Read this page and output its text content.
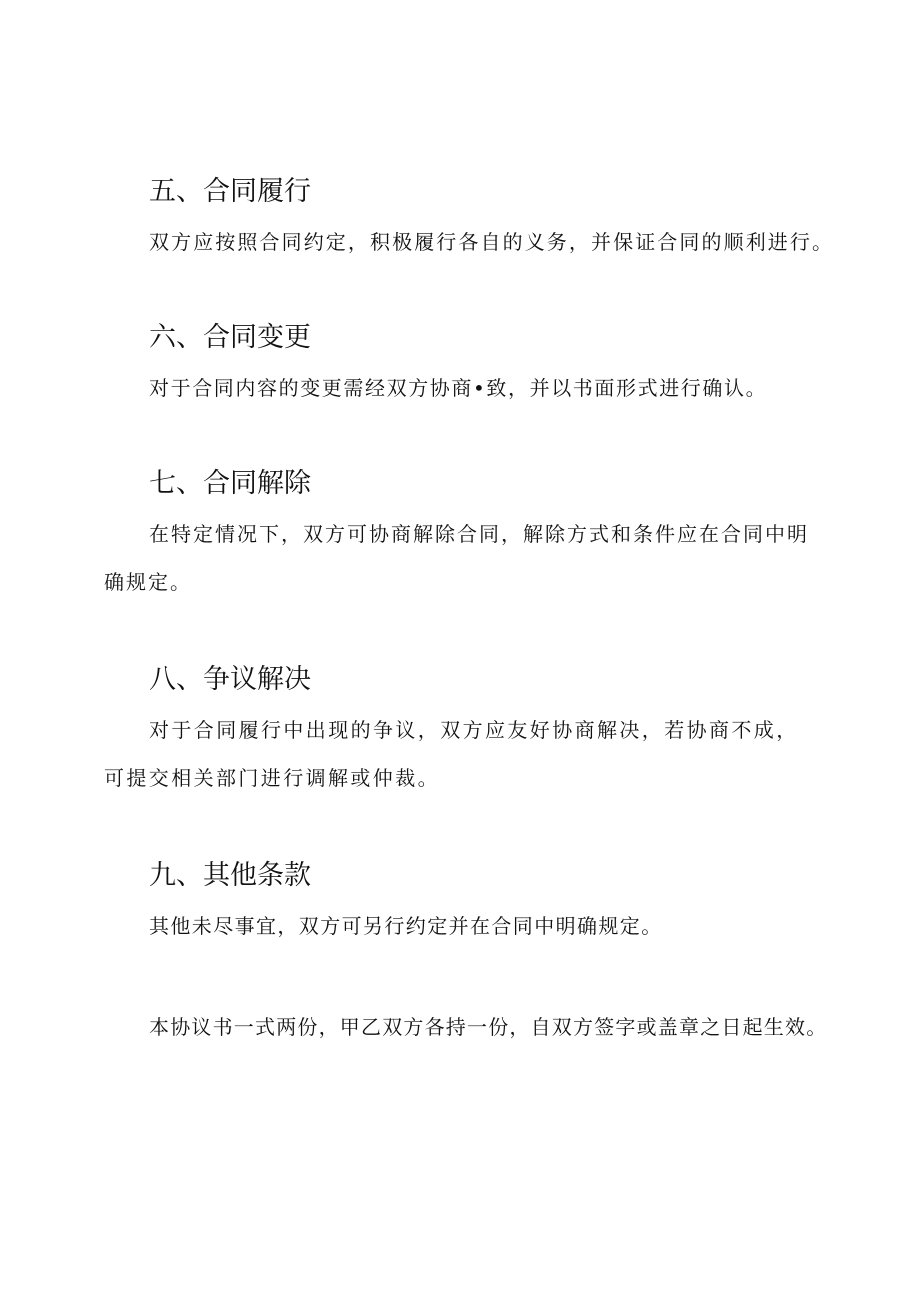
五、合同履行

双方应按照合同约定，积极履行各自的义务，并保证合同的顺利进行。

六、合同变更

对于合同内容的变更需经双方协商•致，并以书面形式进行确认。

七、合同解除

在特定情况下，双方可协商解除合同，解除方式和条件应在合同中明确规定。

八、争议解决

对于合同履行中出现的争议，双方应友好协商解决，若协商不成，可提交相关部门进行调解或仲裁。

九、其他条款

其他未尽事宜，双方可另行约定并在合同中明确规定。

本协议书一式两份，甲乙双方各持一份，自双方签字或盖章之日起生效。
